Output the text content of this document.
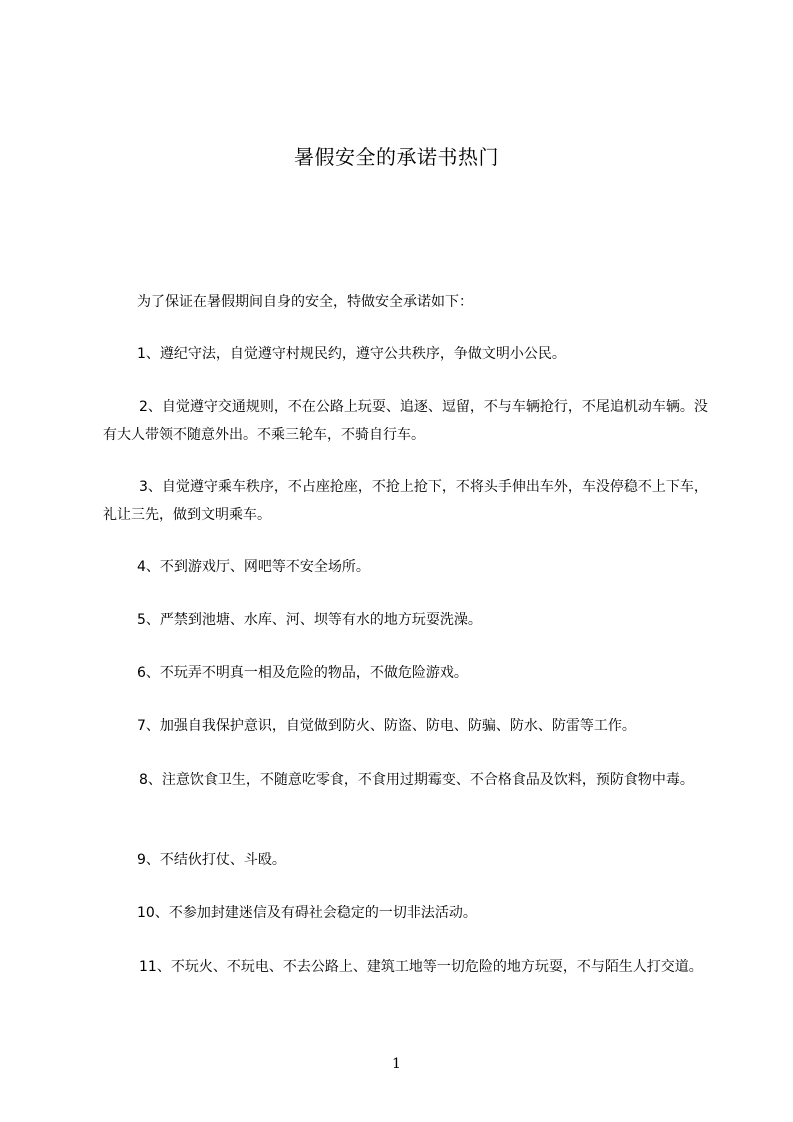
暑假安全的承诺书热门

为了保证在暑假期间自身的安全，特做安全承诺如下：

1、遵纪守法，自觉遵守村规民约，遵守公共秩序，争做文明小公民。

2、自觉遵守交通规则，不在公路上玩耍、追逐、逗留，不与车辆抢行，不尾追机动车辆。没有大人带领不随意外出。不乘三轮车，不骑自行车。

3、自觉遵守乘车秩序，不占座抢座，不抢上抢下，不将头手伸出车外，车没停稳不上下车，礼让三先，做到文明乘车。

4、不到游戏厅、网吧等不安全场所。

5、严禁到池塘、水库、河、坝等有水的地方玩耍洗澡。

6、不玩弄不明真一相及危险的物品，不做危险游戏。

7、加强自我保护意识，自觉做到防火、防盗、防电、防骗、防水、防雷等工作。

8、注意饮食卫生，不随意吃零食，不食用过期霉变、不合格食品及饮料，预防食物中毒。

9、不结伙打仗、斗殴。

10、不参加封建迷信及有碍社会稳定的一切非法活动。

11、不玩火、不玩电、不去公路上、建筑工地等一切危险的地方玩耍，不与陌生人打交道。

1
